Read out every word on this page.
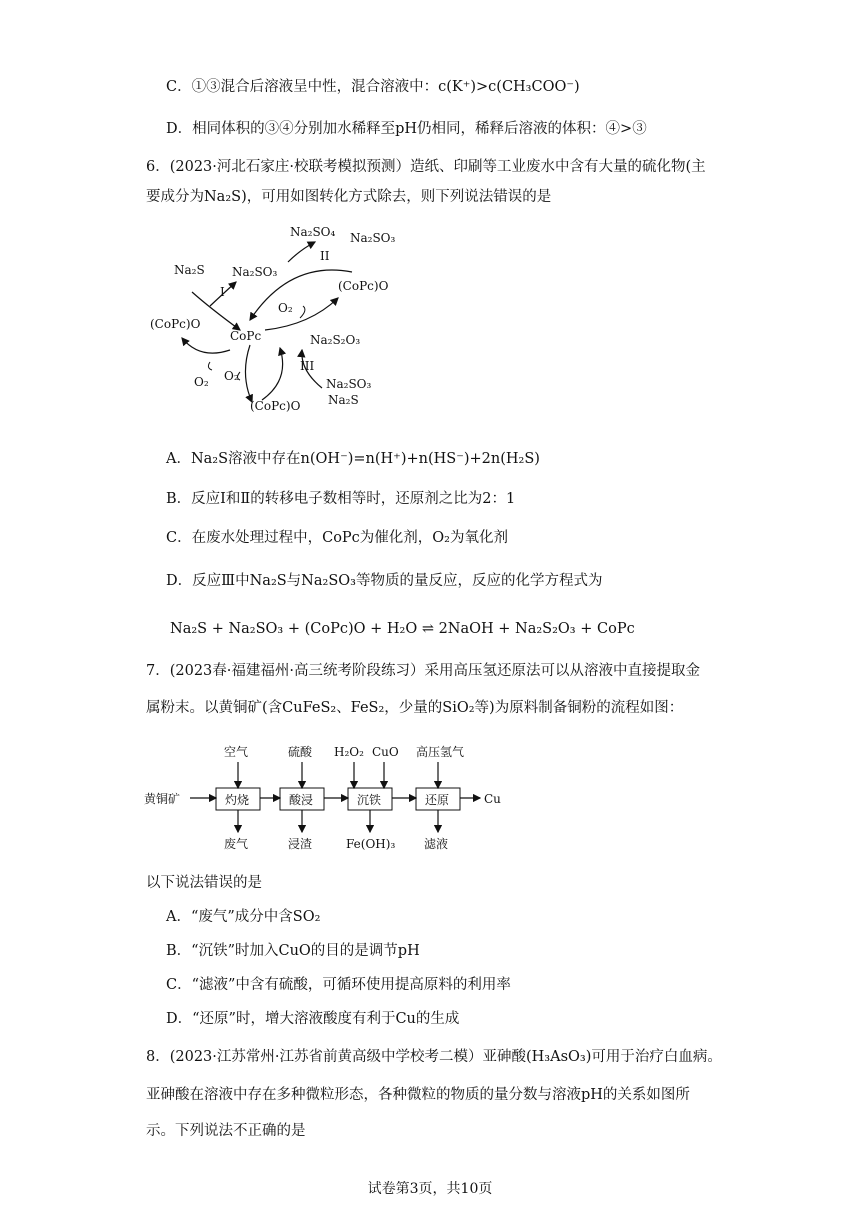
C．①③混合后溶液呈中性，混合溶液中：c(K⁺)>c(CH₃COO⁻)
D．相同体积的③④分别加水稀释至pH仍相同，稀释后溶液的体积：④>③
6．(2023·河北石家庄·校联考模拟预测）造纸、印刷等工业废水中含有大量的硫化物(主
要成分为Na₂S)，可用如图转化方式除去，则下列说法错误的是
Na₂SO₄ Na₂SO₃
Na₂S Na₂SO₃
I
II
(CoPc)O
O₂
(CoPc)O
CoPc	Na₂S₂O₃
III
O₂ O₂
Na₂SO₃
Na₂S
(CoPc)O
A．Na₂S溶液中存在n(OH⁻)=n(H⁺)+n(HS⁻)+2n(H₂S)
B．反应Ⅰ和Ⅱ的转移电子数相等时，还原剂之比为2：1
C．在废水处理过程中，CoPc为催化剂，O₂为氧化剂
D．反应Ⅲ中Na₂S与Na₂SO₃等物质的量反应，反应的化学方程式为
Na₂S + Na₂SO₃ + (CoPc)O + H₂O ⇌ 2NaOH + Na₂S₂O₃ + CoPc
7．(2023春·福建福州·高三统考阶段练习）采用高压氢还原法可以从溶液中直接提取金
属粉末。以黄铜矿(含CuFeS₂、FeS₂，少量的SiO₂等)为原料制备铜粉的流程如图：
黄铜矿	灼烧	酸浸	沉铁	还原	Cu
空气	硫酸 H₂O₂ CuO 高压氢气
废气	浸渣	Fe(OH)₃ 滤液
以下说法错误的是
A．“废气”成分中含SO₂
B．“沉铁”时加入CuO的目的是调节pH
C．“滤液”中含有硫酸，可循环使用提高原料的利用率
D．“还原”时，增大溶液酸度有利于Cu的生成
8．(2023·江苏常州·江苏省前黄高级中学校考二模）亚砷酸(H₃AsO₃)可用于治疗白血病。
亚砷酸在溶液中存在多种微粒形态，各种微粒的物质的量分数与溶液pH的关系如图所
示。下列说法不正确的是
试卷第3页，共10页
